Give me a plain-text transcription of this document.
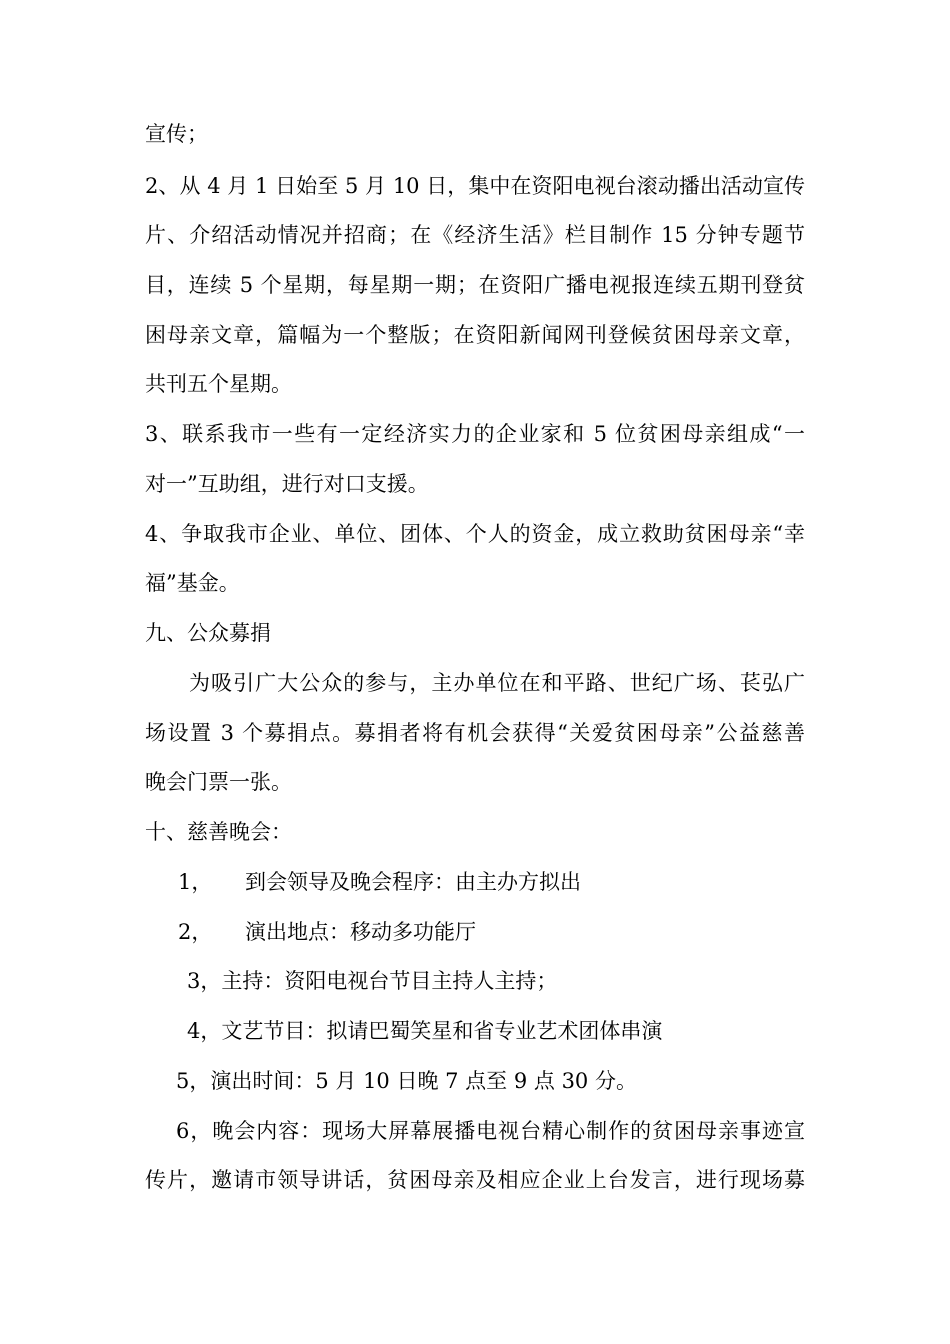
宣传；
2、从 4 月 1 日始至 5 月 10 日，集中在资阳电视台滚动播出活动宣传
片、介绍活动情况并招商；在《经济生活》栏目制作 15 分钟专题节
目，连续 5 个星期，每星期一期；在资阳广播电视报连续五期刊登贫
困母亲文章，篇幅为一个整版；在资阳新闻网刊登候贫困母亲文章，
共刊五个星期。
3、联系我市一些有一定经济实力的企业家和 5 位贫困母亲组成“一
对一”互助组，进行对口支援。
4、争取我市企业、单位、团体、个人的资金，成立救助贫困母亲“幸
福”基金。
九、公众募捐
为吸引广大公众的参与，主办单位在和平路、世纪广场、苌弘广
场设置 3 个募捐点。募捐者将有机会获得“关爱贫困母亲”公益慈善
晚会门票一张。
十、慈善晚会：
1， 到会领导及晚会程序：由主办方拟出
2， 演出地点：移动多功能厅
3，主持：资阳电视台节目主持人主持；
4，文艺节目：拟请巴蜀笑星和省专业艺术团体串演
5，演出时间：5 月 10 日晚 7 点至 9 点 30 分。
6，晚会内容：现场大屏幕展播电视台精心制作的贫困母亲事迹宣
传片，邀请市领导讲话，贫困母亲及相应企业上台发言，进行现场募
